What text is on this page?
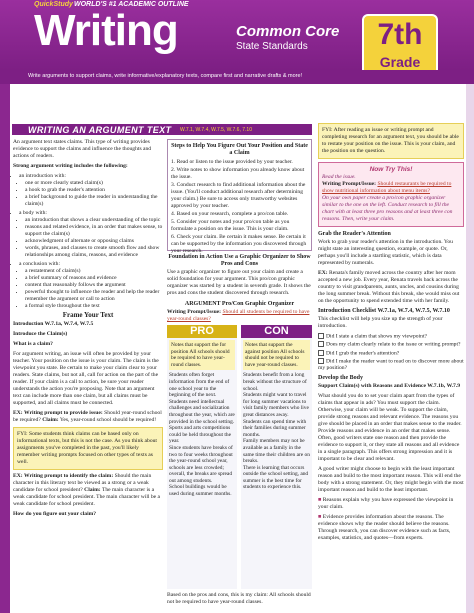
QuickStudy WORLD'S #1 ACADEMIC OUTLINE
Writing	Common Core
State Standards	7th
Grade
Write arguments to support claims, write informative/explanatory texts, compare first and narrative drafts & more!
WRITING AN ARGUMENT TEXT W.7.1, W.7.4, W.7.5, W.7.6, 7.10

An argument text states claims. This type of writing provides evidence to support the claims and influence the thoughts and actions of readers.

Strong argument writing includes the following:

• an introduction with:
• one or more clearly stated claim(s)
• a hook to grab the reader's attention
• a brief background to guide the reader in understanding the claim(s)
• a body with:
• an introduction that shows a clear understanding of the topic
• reasons and related evidence, in an order that makes sense, to support the claim(s)
• acknowledgment of alternate or opposing claims
• words, phrases, and clauses to create smooth flow and show relationships among claims, reasons, and evidence
• a conclusion with:
• a restatement of claim(s)
• a brief summary of reasons and evidence
• content that reasonably follows the argument
• powerful thought to influence the reader and help the reader remember the argument or call to action
• a formal style throughout the text
Frame Your Text

Introduction W.7.1a, W.7.4, W.7.5

Introduce the Claim(s)

What is a claim?

For argument writing, an issue will often be provided by your teacher. Your position on the issue is your claim. The claim is the viewpoint you state. Be certain to make your claim clear to your readers. State claims, but not all, call for action on the part of the reader. If your claim is a call to action, be sure your reader understands the action you're proposing. Note that an argument text can include more than one claim, but all claims must be supported, and all claims must be connected.

EX: Writing prompt to provide issue: Should year-round school be required? Claim: Yes, year-round school should be required!

FYI: Some students think claims can be based only on informational texts, but this is not the case. As you think about assignments you've completed in the past, you'll likely remember writing prompts focused on other types of texts as well.

EX: Writing prompt to identify the claim: Should the main character in this literary text be viewed as a strong or a weak candidate for school president? Claim: The main character is a weak candidate for school president. The main character will be a weak candidate for school president.

How do you figure out your claim?

Steps to Help You Figure Out Your Position and State a Claim

1. Read or listen to the issue provided by your teacher.

2. Write notes to show information you already know about the issue.

3. Conduct research to find additional information about the issue. (You'll conduct additional research after determining your claim.) Be sure to access only trustworthy websites approved by your teacher.

4. Based on your research, complete a pro/con table.

5. Consider your notes and your pro/con table as you formulate a position on the issue. This is your claim.

6. Check your claim. Be certain it makes sense. Be certain it can be supported by the information you discovered through your research.

Foundation in Action Use a Graphic Organizer to Show Pros and Cons
Use a graphic organizer to figure out your claim and create a solid foundation for your argument. This pro/con graphic organizer was started by a student in seventh grade. It shows the pros and cons the student discovered through research.
ARGUMENT Pro/Con Graphic Organizer
Writing Prompt/Issue: Should all students be required to have year-round classes?
PRO
Notes that support the for position All schools should be required to have year-round classes.
Students often forget information from the end of one school year to the beginning of the next.
Students need intellectual challenges and socialization throughout the year, which are provided in the school setting.
Sports and arts competitions could be held throughout the year.
Since students have breaks of two to four weeks throughout the year-round school year, schools are less crowded; overall, the breaks are spread out among students.
School buildings would be used during summer months.
CON
Notes that support the against position All schools should not be required to have year-round classes.
Students benefit from a long break without the structure of school.
Students might want to travel for long summer vacations to visit family members who live great distances away.
Students can spend time with their families during summer months.
Family members may not be available as a family in the same time their children are on breaks.
There is learning that occurs outside the school setting, and summer is the best time for students to experience this.
Based on the pros and cons, this is my claim: All schools should not be required to have year-round classes.
FYI: After reading an issue or writing prompt and completing research for an argument text, you should be able to restate your position on the issue. This is your claim, and the position on the question.
Now Try This!
Read the issue.
Writing Prompt/Issue: Should restaurants be required to show nutritional information about menu items?
On your own paper create a pro/con graphic organizer similar to the one on the left. Conduct research to fill the chart with at least three pro reasons and at least three con reasons. Then, write your claim.
Grab the Reader's Attention

Work to grab your reader's attention in the introduction. You might state an interesting question, example, or quote. Or, perhaps you'll include a startling statistic, which is data represented by numerals.

EX: Renata's family moved across the country after her mom accepted a new job. Every year, Renata travels back across the country to visit grandparents, aunts, uncles, and cousins during the long summer break. Without this break, she would miss out on the opportunity to spend extended time with her family.

Introduction Checklist W.7.1a, W.7.4, W.7.5, W.7.10

This checklist will help you size up the strength of your introduction.

Did I state a claim that shows my viewpoint?
Does my claim clearly relate to the issue or writing prompt?
Did I grab the reader's attention?
Did I make the reader want to read on to discover more about my position?
Develop the Body

Support Claim(s) with Reasons and Evidence W.7.1b, W.7.9

What should you do to set your claim apart from the types of claims that appear in ads? You must support the claim. Otherwise, your claim will be weak. To support the claim, provide strong reasons and relevant evidence. The reasons you give should be placed in an order that makes sense to the reader. Provide reasons and evidence in an order that makes sense. Often, good writers state one reason and then provide the evidence to support it, or they state all reasons and all evidence in a single paragraph. This offers strong impression and it is important to be clear and relevant.

A good writer might choose to begin with the least important reason and build to the most important reason. This will end the body with a strong statement. Or, they might begin with the most important reason and build to the least important.

■ Reasons explain why you have expressed the viewpoint in your claim.

■ Evidence provides information about the reasons. The evidence shows why the reader should believe the reasons. Through research, you can discover evidence such as facts, examples, statistics, and quotes—from experts.
